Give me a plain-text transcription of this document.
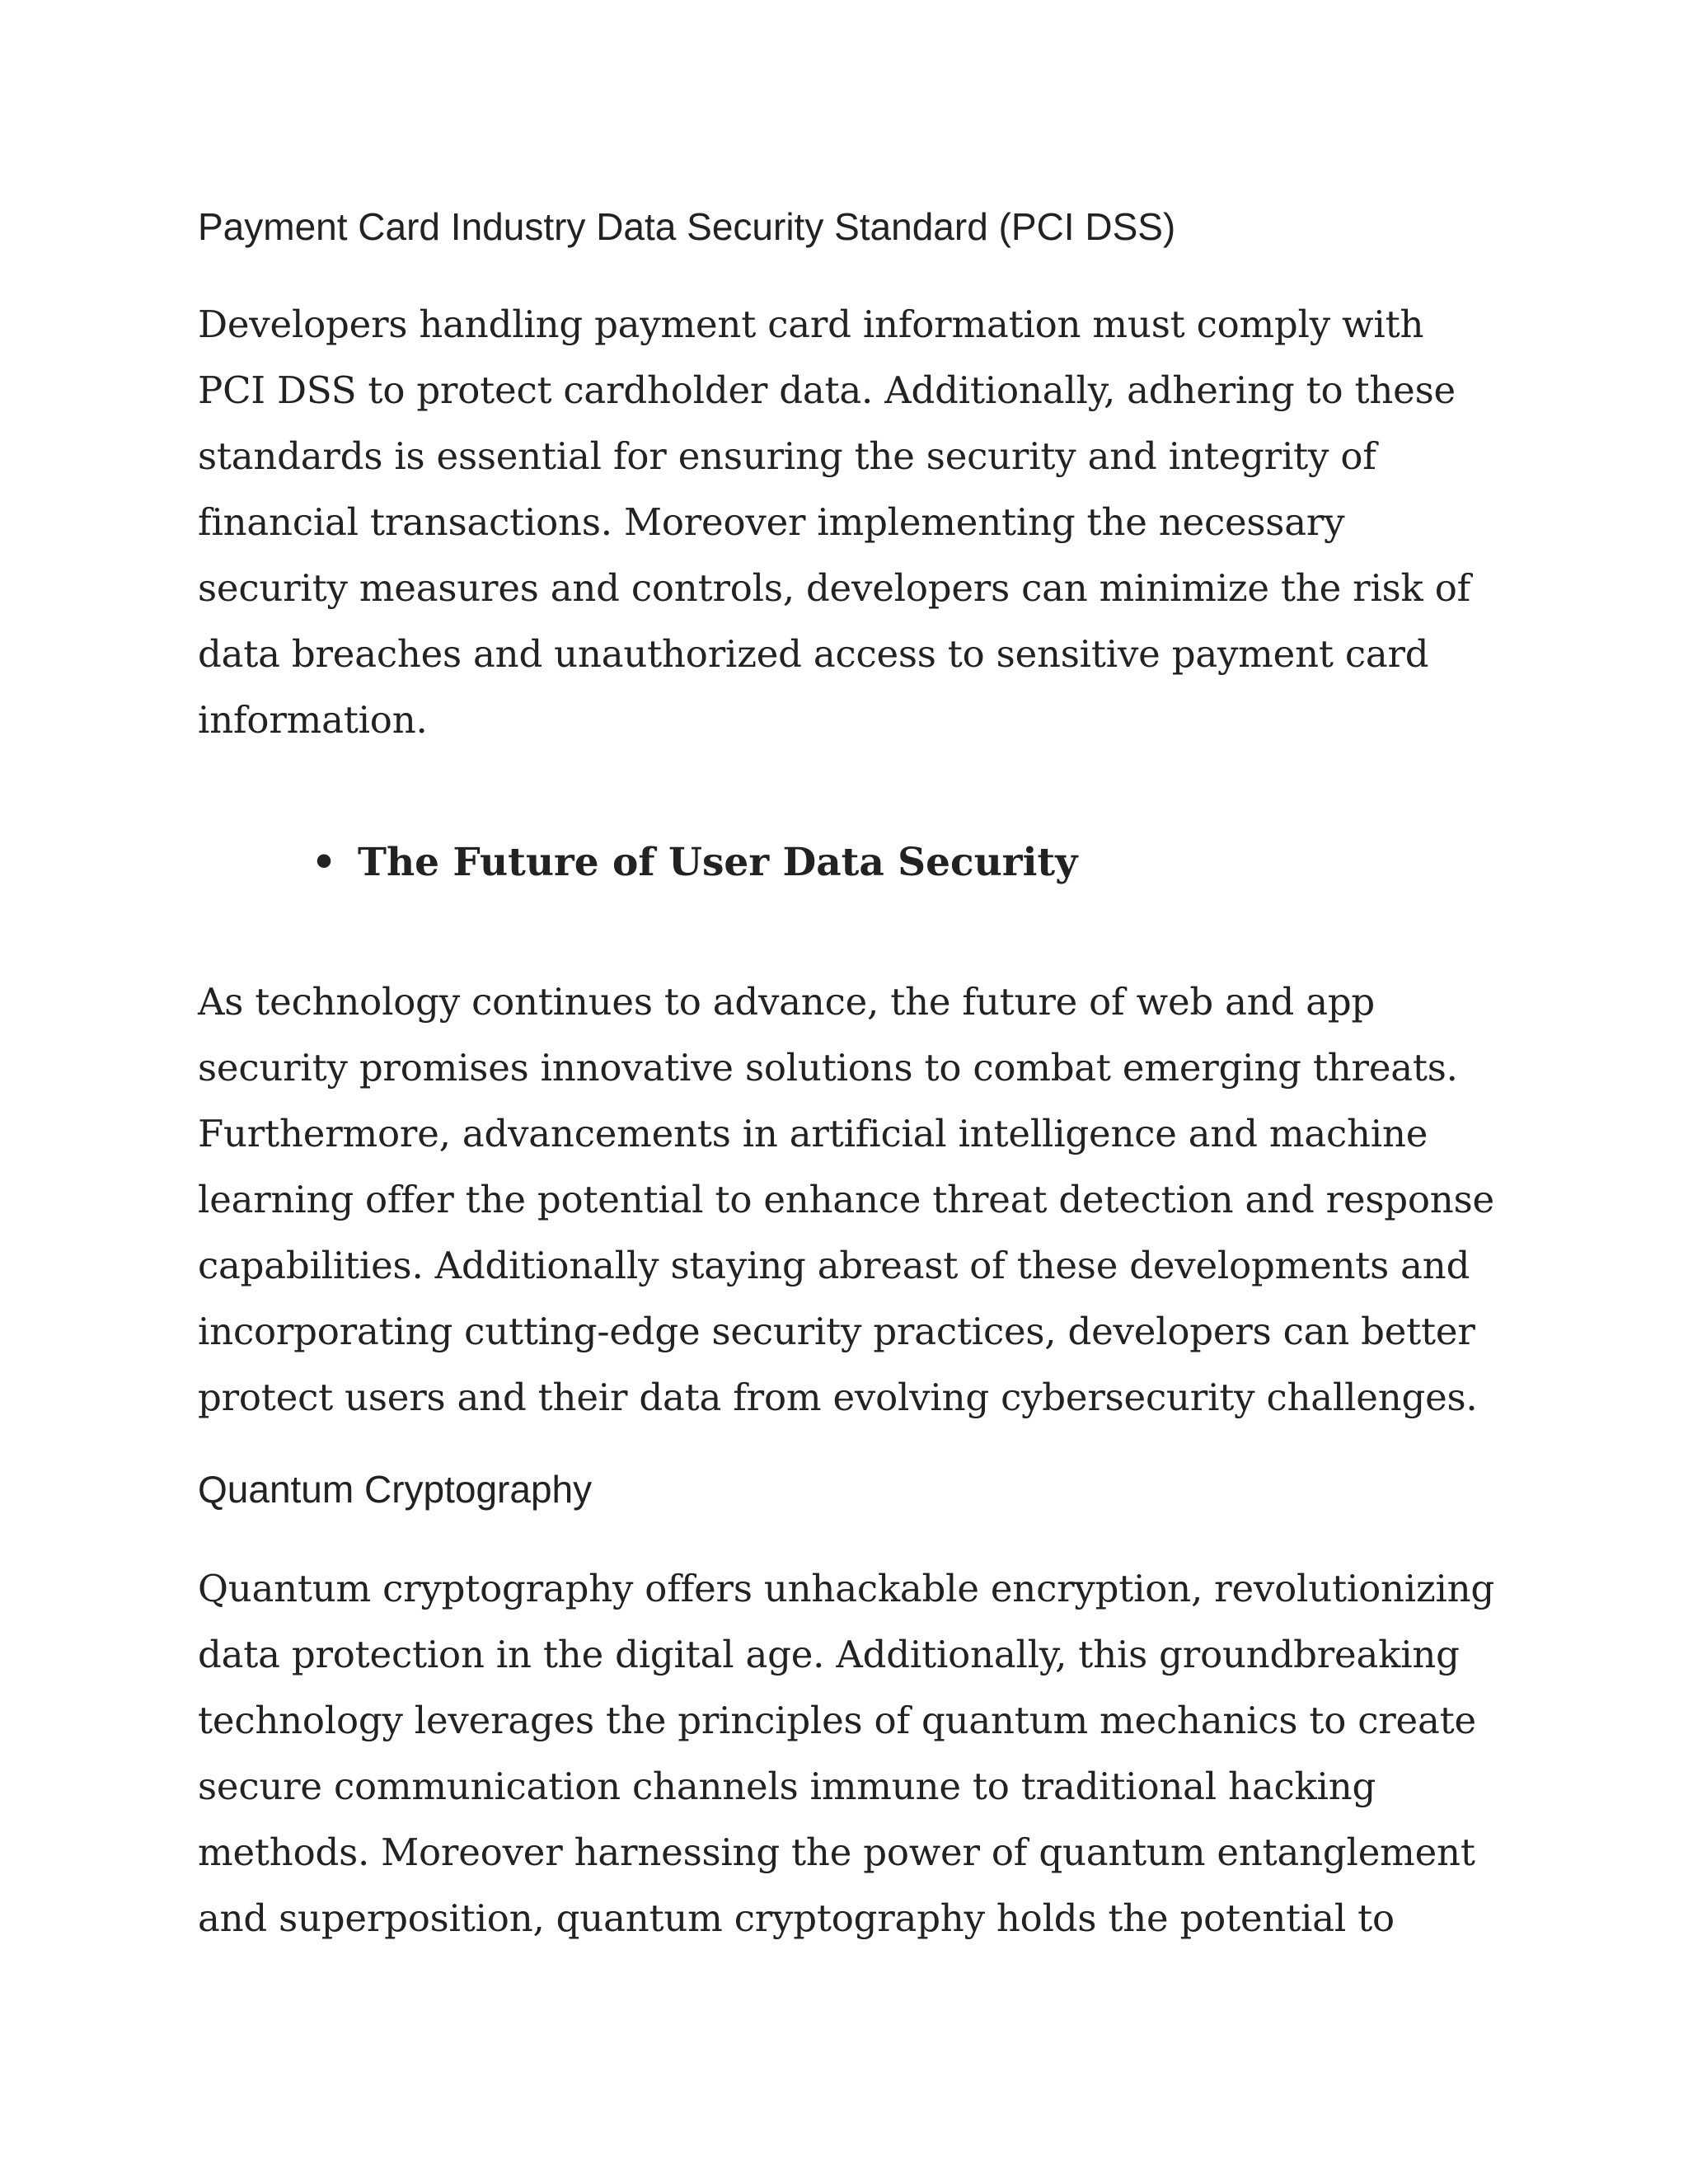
Payment Card Industry Data Security Standard (PCI DSS)

Developers handling payment card information must comply with PCI DSS to protect cardholder data. Additionally, adhering to these standards is essential for ensuring the security and integrity of financial transactions. Moreover implementing the necessary security measures and controls, developers can minimize the risk of data breaches and unauthorized access to sensitive payment card information.

• The Future of User Data Security

As technology continues to advance, the future of web and app security promises innovative solutions to combat emerging threats. Furthermore, advancements in artificial intelligence and machine learning offer the potential to enhance threat detection and response capabilities. Additionally staying abreast of these developments and incorporating cutting-edge security practices, developers can better protect users and their data from evolving cybersecurity challenges.

Quantum Cryptography

Quantum cryptography offers unhackable encryption, revolutionizing data protection in the digital age. Additionally, this groundbreaking technology leverages the principles of quantum mechanics to create secure communication channels immune to traditional hacking methods. Moreover harnessing the power of quantum entanglement and superposition, quantum cryptography holds the potential to
